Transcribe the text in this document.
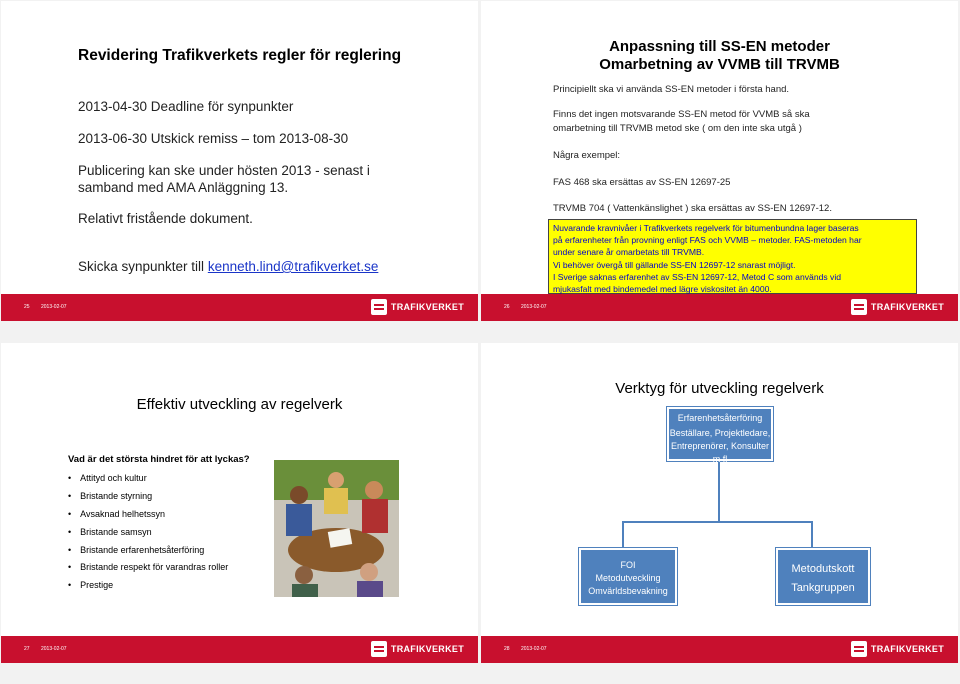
Revidering Trafikverkets regler för reglering
2013-04-30 Deadline för synpunkter
2013-06-30 Utskick remiss – tom 2013-08-30
Publicering kan ske under hösten 2013 - senast i
samband med AMA Anläggning 13.
Relativt fristående dokument.
Skicka synpunkter till kenneth.lind@trafikverket.se
25 2013-02-07	TRAFIKVERKET
Anpassning till SS-EN metoder
Omarbetning av VVMB till TRVMB
Principiellt ska vi använda SS-EN metoder i första hand.
Finns det ingen motsvarande SS-EN metod för VVMB så ska
omarbetning till TRVMB metod ske ( om den inte ska utgå )
Några exempel:
FAS 468 ska ersättas av SS-EN 12697-25
TRVMB 704 ( Vattenkänslighet ) ska ersättas av SS-EN 12697-12.
Nuvarande kravnivåer i Trafikverkets regelverk för bitumenbundna lager baseras
på erfarenheter från provning enligt FAS och VVMB – metoder. FAS-metoden har
under senare år omarbetats till TRVMB.
Vi behöver övergå till gällande SS-EN 12697-12 snarast möjligt.
I Sverige saknas erfarenhet av SS-EN 12697-12, Metod C som används vid
mjukasfalt med bindemedel med lägre viskositet än 4000.
26 2013-02-07	TRAFIKVERKET
Effektiv utveckling av regelverk
Vad är det största hindret för att lyckas?
• Attityd och kultur
• Bristande styrning
• Avsaknad helhetssyn
• Bristande samsyn
• Bristande erfarenhetsåterföring
• Bristande respekt för varandras roller
• Prestige
27 2013-02-07	TRAFIKVERKET
Verktyg för utveckling regelverk
Erfarenhetsåterföring
Beställare, Projektledare,
Entreprenörer, Konsulter
m fl
FOI
Metodutveckling
Omvärldsbevakning
Metodutskott
Tankgruppen
28 2013-02-07	TRAFIKVERKET
